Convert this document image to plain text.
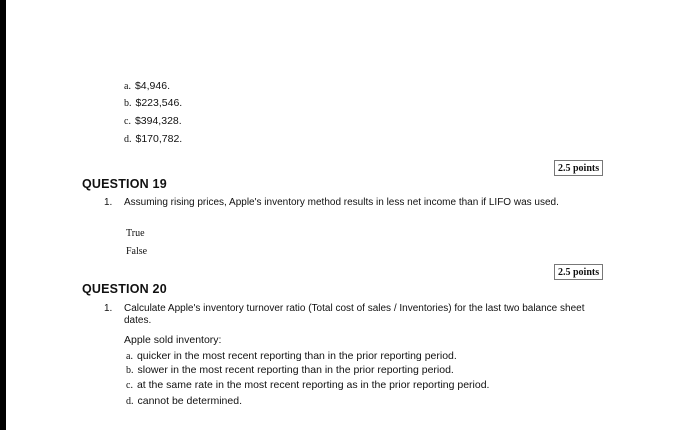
a. $4,946.
b. $223,546.
c. $394,328.
d. $170,782.
2.5 points
QUESTION 19
1. Assuming rising prices, Apple's inventory method results in less net income than if LIFO was used.
True
False
2.5 points
QUESTION 20
1. Calculate Apple's inventory turnover ratio (Total cost of sales / Inventories) for the last two balance sheet dates.
Apple sold inventory:
a. quicker in the most recent reporting than in the prior reporting period.
b. slower in the most recent reporting than in the prior reporting period.
c. at the same rate in the most recent reporting as in the prior reporting period.
d. cannot be determined.
